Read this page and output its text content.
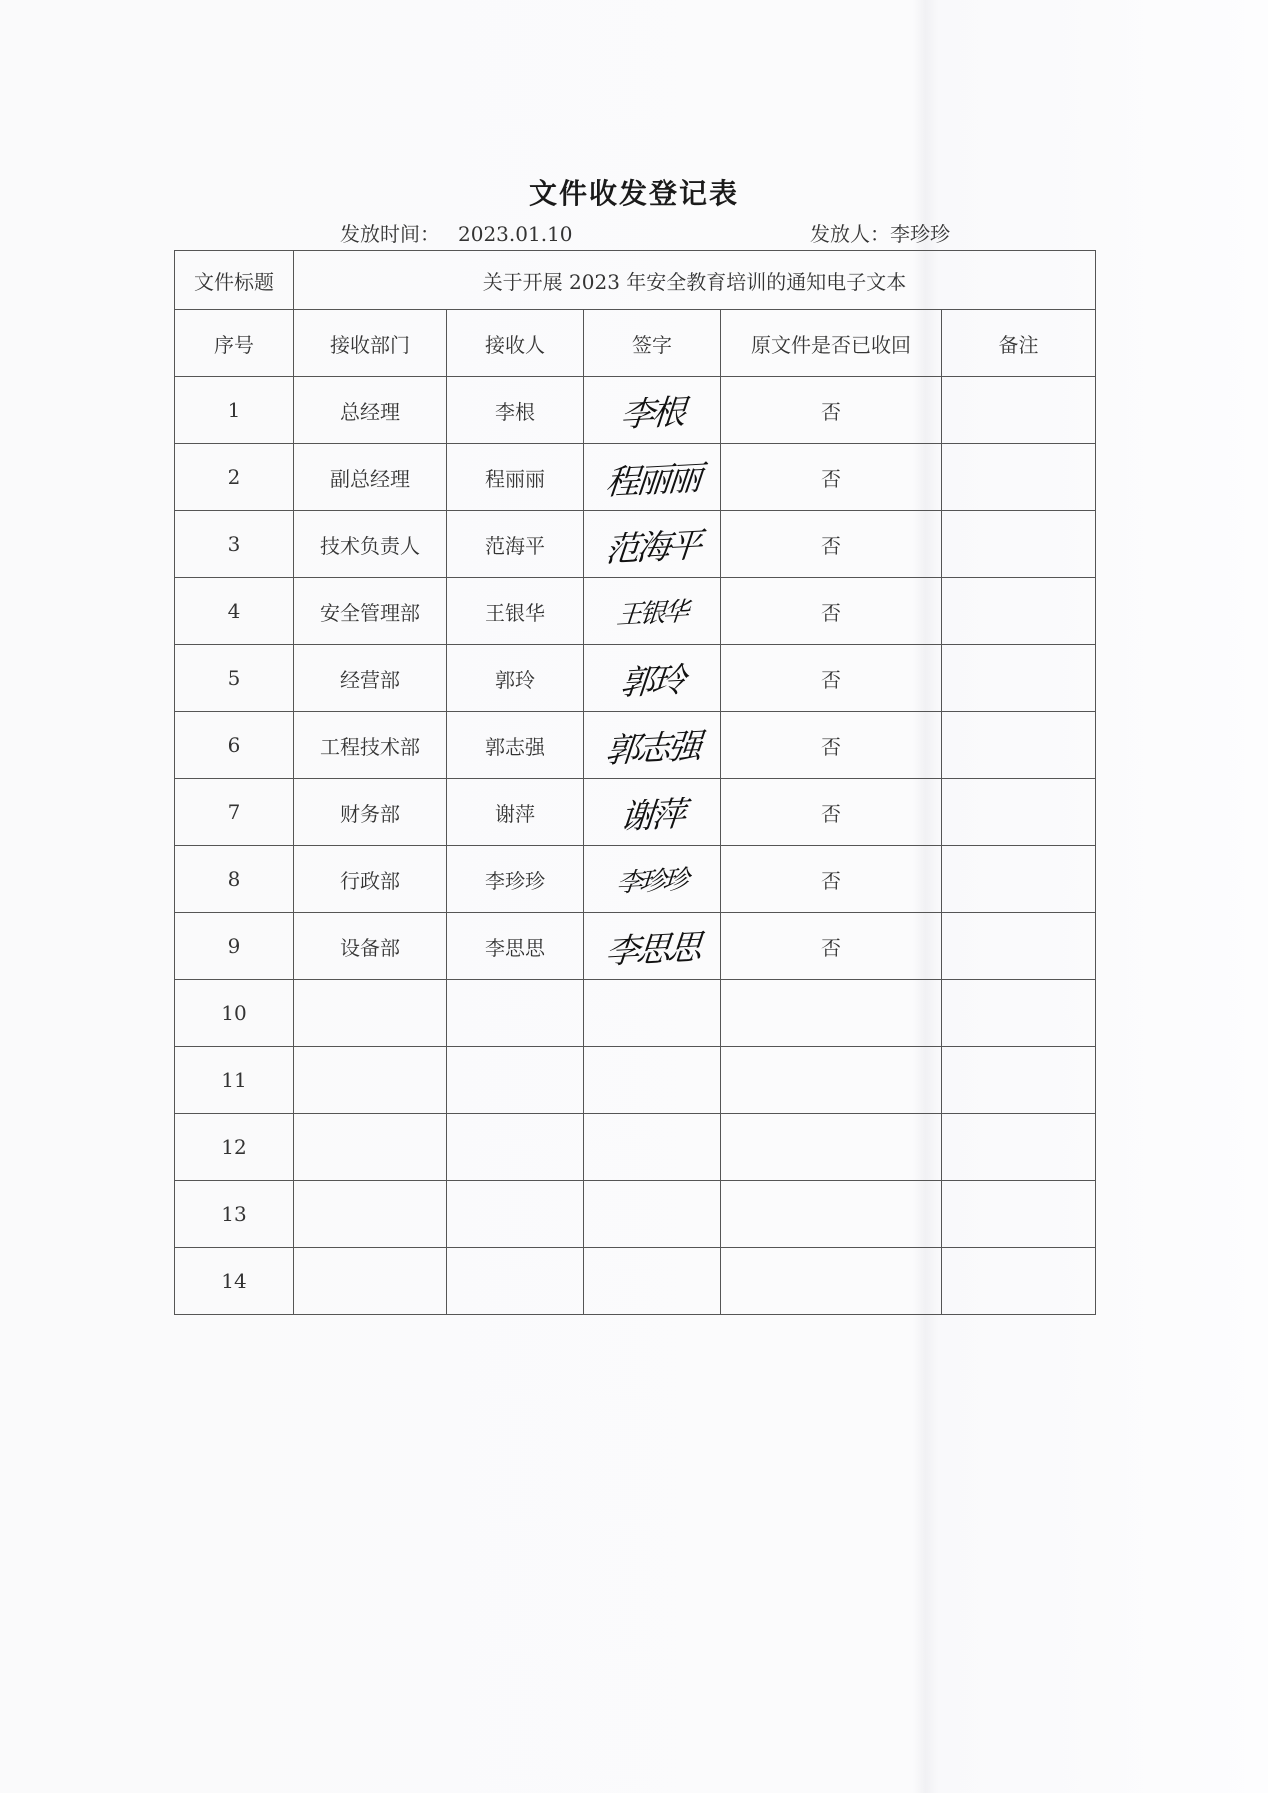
文件收发登记表
发放时间： 2023.01.10	发放人：李珍珍
文件标题	关于开展 2023 年安全教育培训的通知电子文本				
序号	接收部门	接收人	签字	原文件是否已收回	备注
1	总经理	李根	李根	否	
2	副总经理	程丽丽	程丽丽	否	
3	技术负责人	范海平	范海平	否	
4	安全管理部	王银华	王银华	否	
5	经营部	郭玲	郭玲	否	
6	工程技术部	郭志强	郭志强	否	
7	财务部	谢萍	谢萍	否	
8	行政部	李珍珍	李珍珍	否	
9	设备部	李思思	李思思	否	
10					
11					
12					
13					
14					
